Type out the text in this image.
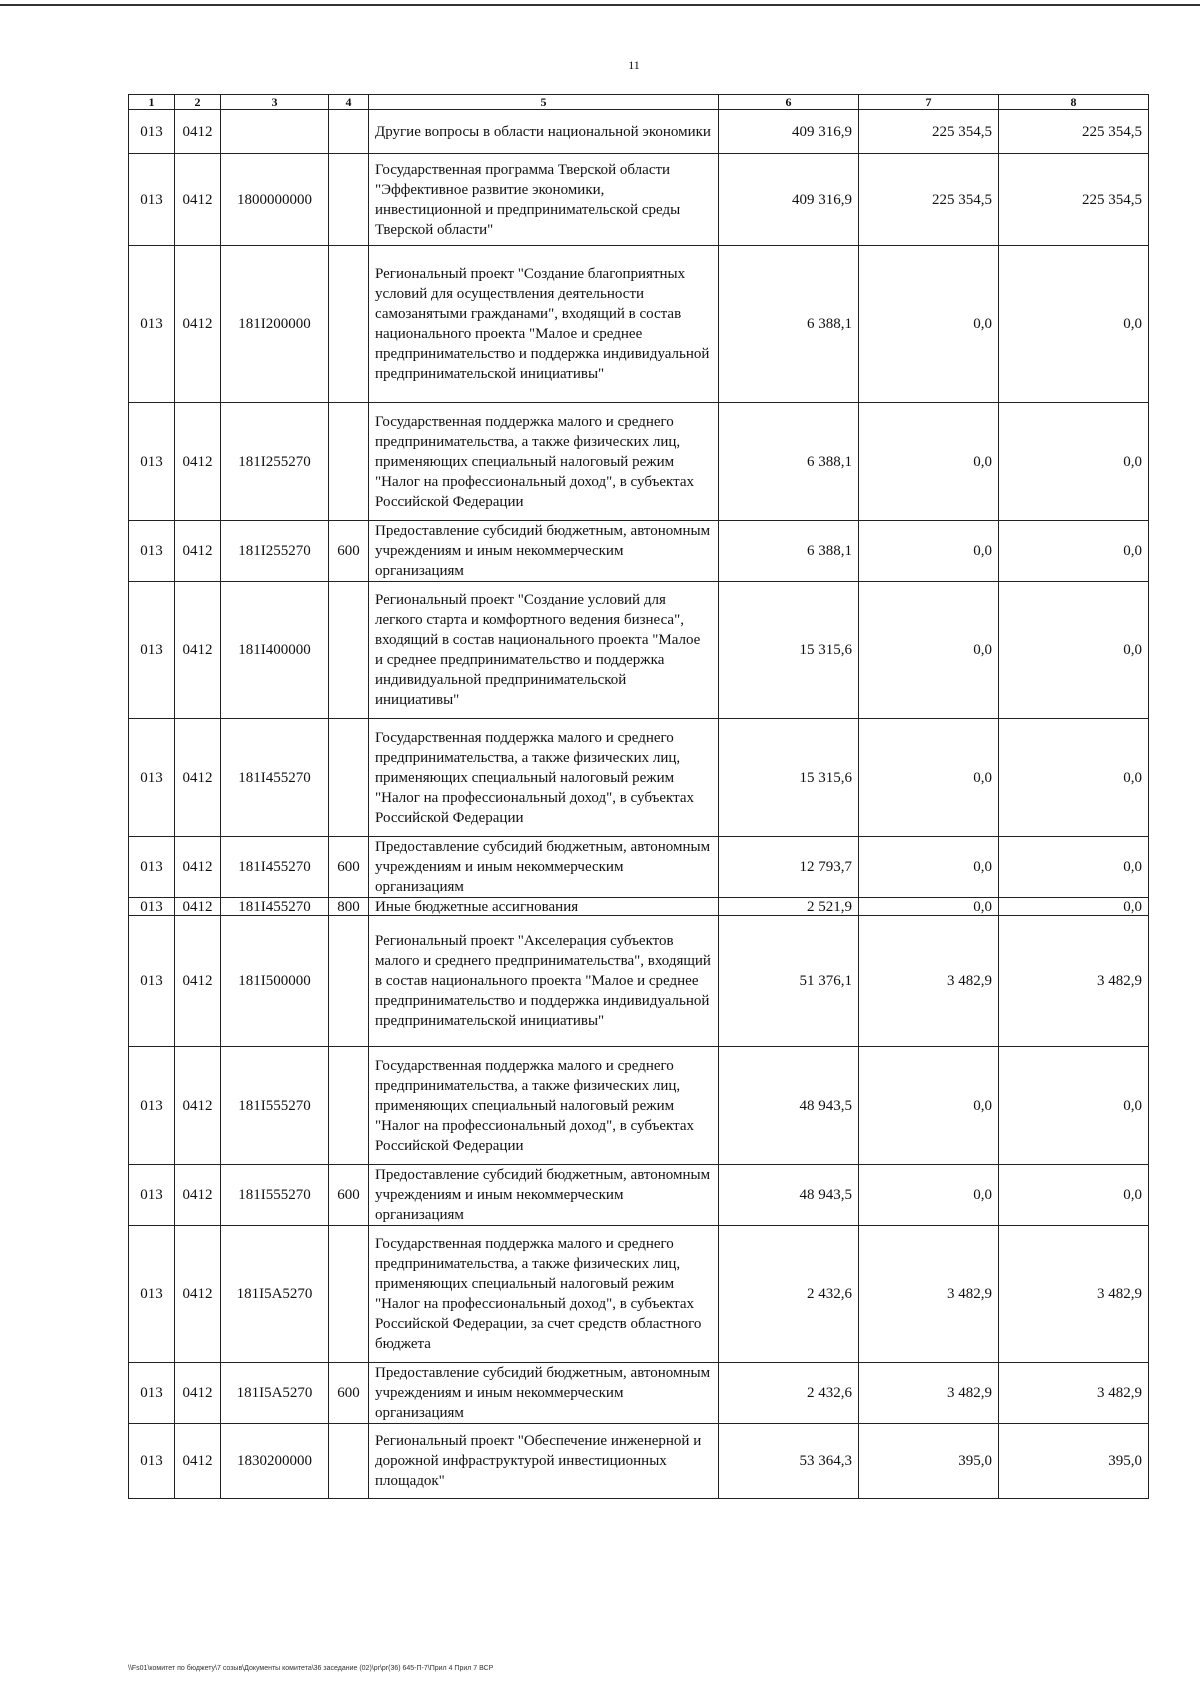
11
1	2	3	4	5	6	7	8
013	0412			Другие вопросы в области национальной экономики	409 316,9	225 354,5	225 354,5
013	0412	1800000000		Государственная программа Тверской области "Эффективное развитие экономики, инвестиционной и предпринимательской среды Тверской области"	409 316,9	225 354,5	225 354,5
013	0412	181I200000		Региональный проект "Создание благоприятных условий для осуществления деятельности самозанятыми гражданами", входящий в состав национального проекта "Малое и среднее предпринимательство и поддержка индивидуальной предпринимательской инициативы"	6 388,1	0,0	0,0
013	0412	181I255270		Государственная поддержка малого и среднего предпринимательства, а также физических лиц, применяющих специальный налоговый режим "Налог на профессиональный доход", в субъектах Российской Федерации	6 388,1	0,0	0,0
013	0412	181I255270	600	Предоставление субсидий бюджетным, автономным учреждениям и иным некоммерческим организациям	6 388,1	0,0	0,0
013	0412	181I400000		Региональный проект "Создание условий для легкого старта и комфортного ведения бизнеса", входящий в состав национального проекта "Малое и среднее предпринимательство и поддержка индивидуальной предпринимательской инициативы"	15 315,6	0,0	0,0
013	0412	181I455270		Государственная поддержка малого и среднего предпринимательства, а также физических лиц, применяющих специальный налоговый режим "Налог на профессиональный доход", в субъектах Российской Федерации	15 315,6	0,0	0,0
013	0412	181I455270	600	Предоставление субсидий бюджетным, автономным учреждениям и иным некоммерческим организациям	12 793,7	0,0	0,0
013	0412	181I455270	800	Иные бюджетные ассигнования	2 521,9	0,0	0,0
013	0412	181I500000		Региональный проект "Акселерация субъектов малого и среднего предпринимательства", входящий в состав национального проекта "Малое и среднее предпринимательство и поддержка индивидуальной предпринимательской инициативы"	51 376,1	3 482,9	3 482,9
013	0412	181I555270		Государственная поддержка малого и среднего предпринимательства, а также физических лиц, применяющих специальный налоговый режим "Налог на профессиональный доход", в субъектах Российской Федерации	48 943,5	0,0	0,0
013	0412	181I555270	600	Предоставление субсидий бюджетным, автономным учреждениям и иным некоммерческим организациям	48 943,5	0,0	0,0
013	0412	181I5A5270		Государственная поддержка малого и среднего предпринимательства, а также физических лиц, применяющих специальный налоговый режим "Налог на профессиональный доход", в субъектах Российской Федерации, за счет средств областного бюджета	2 432,6	3 482,9	3 482,9
013	0412	181I5A5270	600	Предоставление субсидий бюджетным, автономным учреждениям и иным некоммерческим организациям	2 432,6	3 482,9	3 482,9
013	0412	1830200000		Региональный проект "Обеспечение инженерной и дорожной инфраструктурой инвестиционных площадок"	53 364,3	395,0	395,0
\\Fs01\комитет по бюджету\7 созыв\Документы комитета\36 заседание (02)\pr\pr(36) 645-П-7\Прил 4 Прил 7 ВСР
